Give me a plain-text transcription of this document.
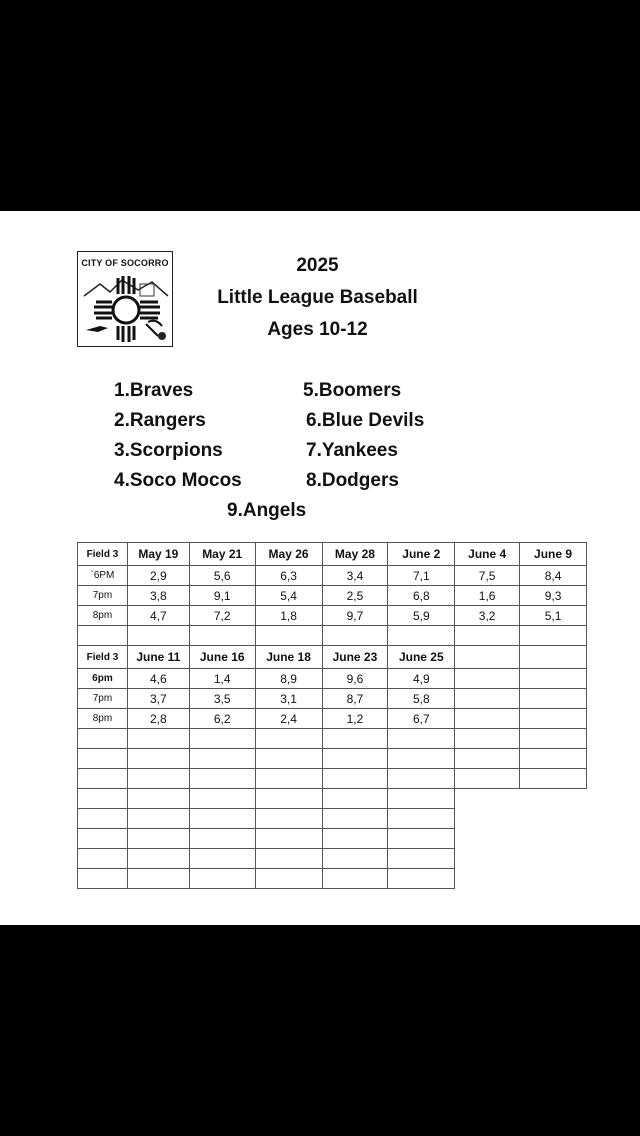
CITY OF SOCORRO	2025
Little League Baseball
Ages 10-12
1.Braves
2.Rangers
3.Scorpions
4.Soco Mocos
5.Boomers
6.Blue Devils
7.Yankees
8.Dodgers
9.Angels
Field 3	May 19	May 21	May 26	May 28	June 2	June 4	June 9
`6PM	2,9	5,6	6,3	3,4	7,1	7,5	8,4
7pm	3,8	9,1	5,4	2,5	6,8	1,6	9,3
8pm	4,7	7,2	1,8	9,7	5,9	3,2	5,1

Field 3	June 11	June 16	June 18	June 23	June 25		
6pm	4,6	1,4	8,9	9,6	4,9		
7pm	3,7	3,5	3,1	8,7	5,8		
8pm	2,8	6,2	2,4	1,2	6,7		
